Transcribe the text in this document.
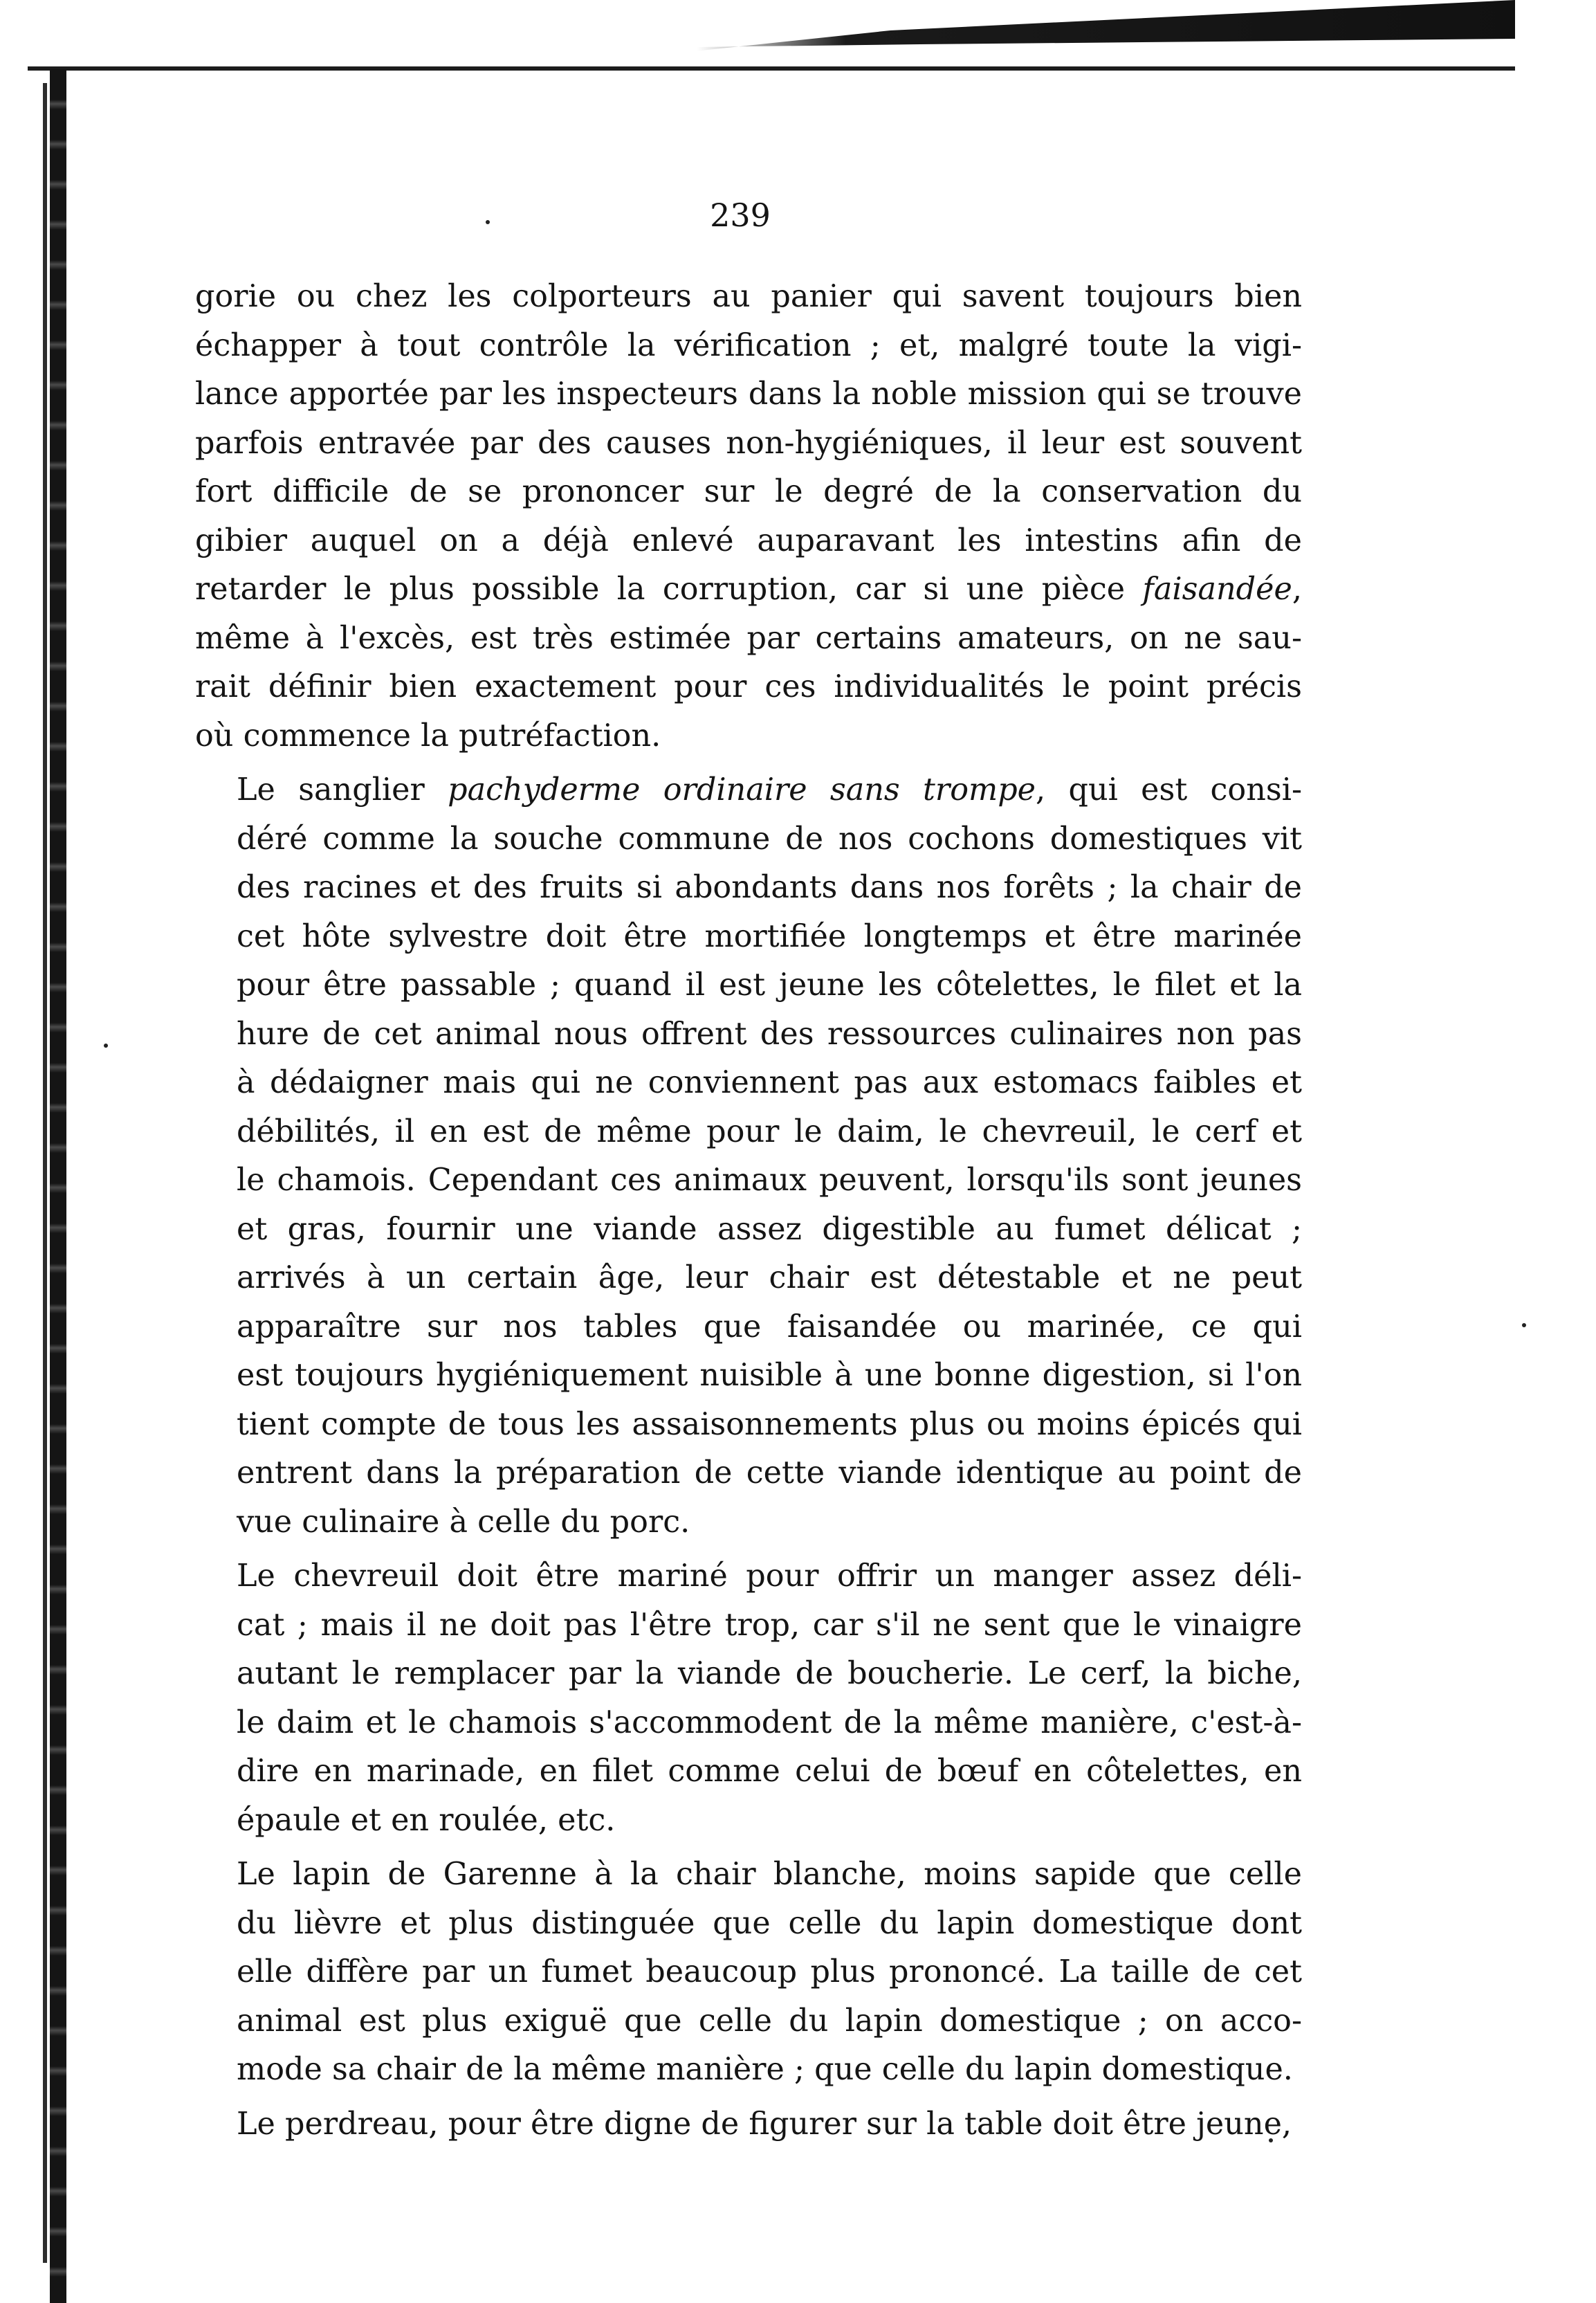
239

gorie ou chez les colporteurs au panier qui savent toujours bien
échapper à tout contrôle la vérification ; et, malgré toute la vigi-
lance apportée par les inspecteurs dans la noble mission qui se trouve
parfois entravée par des causes non-hygiéniques, il leur est souvent
fort difficile de se prononcer sur le degré de la conservation du
gibier auquel on a déjà enlevé auparavant les intestins afin de
retarder le plus possible la corruption, car si une pièce faisandée,
même à l'excès, est très estimée par certains amateurs, on ne sau-
rait définir bien exactement pour ces individualités le point précis
où commence la putréfaction.

Le sanglier pachyderme ordinaire sans trompe, qui est consi-
déré comme la souche commune de nos cochons domestiques vit
des racines et des fruits si abondants dans nos forêts ; la chair de
cet hôte sylvestre doit être mortifiée longtemps et être marinée
pour être passable ; quand il est jeune les côtelettes, le filet et la
hure de cet animal nous offrent des ressources culinaires non pas
à dédaigner mais qui ne conviennent pas aux estomacs faibles et
débilités, il en est de même pour le daim, le chevreuil, le cerf et
le chamois. Cependant ces animaux peuvent, lorsqu'ils sont jeunes
et gras, fournir une viande assez digestible au fumet délicat ;
arrivés à un certain âge, leur chair est détestable et ne peut
apparaître sur nos tables que faisandée ou marinée, ce qui
est toujours hygiéniquement nuisible à une bonne digestion, si l'on
tient compte de tous les assaisonnements plus ou moins épicés qui
entrent dans la préparation de cette viande identique au point de
vue culinaire à celle du porc.

Le chevreuil doit être mariné pour offrir un manger assez déli-
cat ; mais il ne doit pas l'être trop, car s'il ne sent que le vinaigre
autant le remplacer par la viande de boucherie. Le cerf, la biche,
le daim et le chamois s'accommodent de la même manière, c'est-à-
dire en marinade, en filet comme celui de bœuf en côtelettes, en
épaule et en roulée, etc.

Le lapin de Garenne à la chair blanche, moins sapide que celle
du lièvre et plus distinguée que celle du lapin domestique dont
elle diffère par un fumet beaucoup plus prononcé. La taille de cet
animal est plus exiguë que celle du lapin domestique ; on acco-
mode sa chair de la même manière ; que celle du lapin domestique.

Le perdreau, pour être digne de figurer sur la table doit être jeune,
